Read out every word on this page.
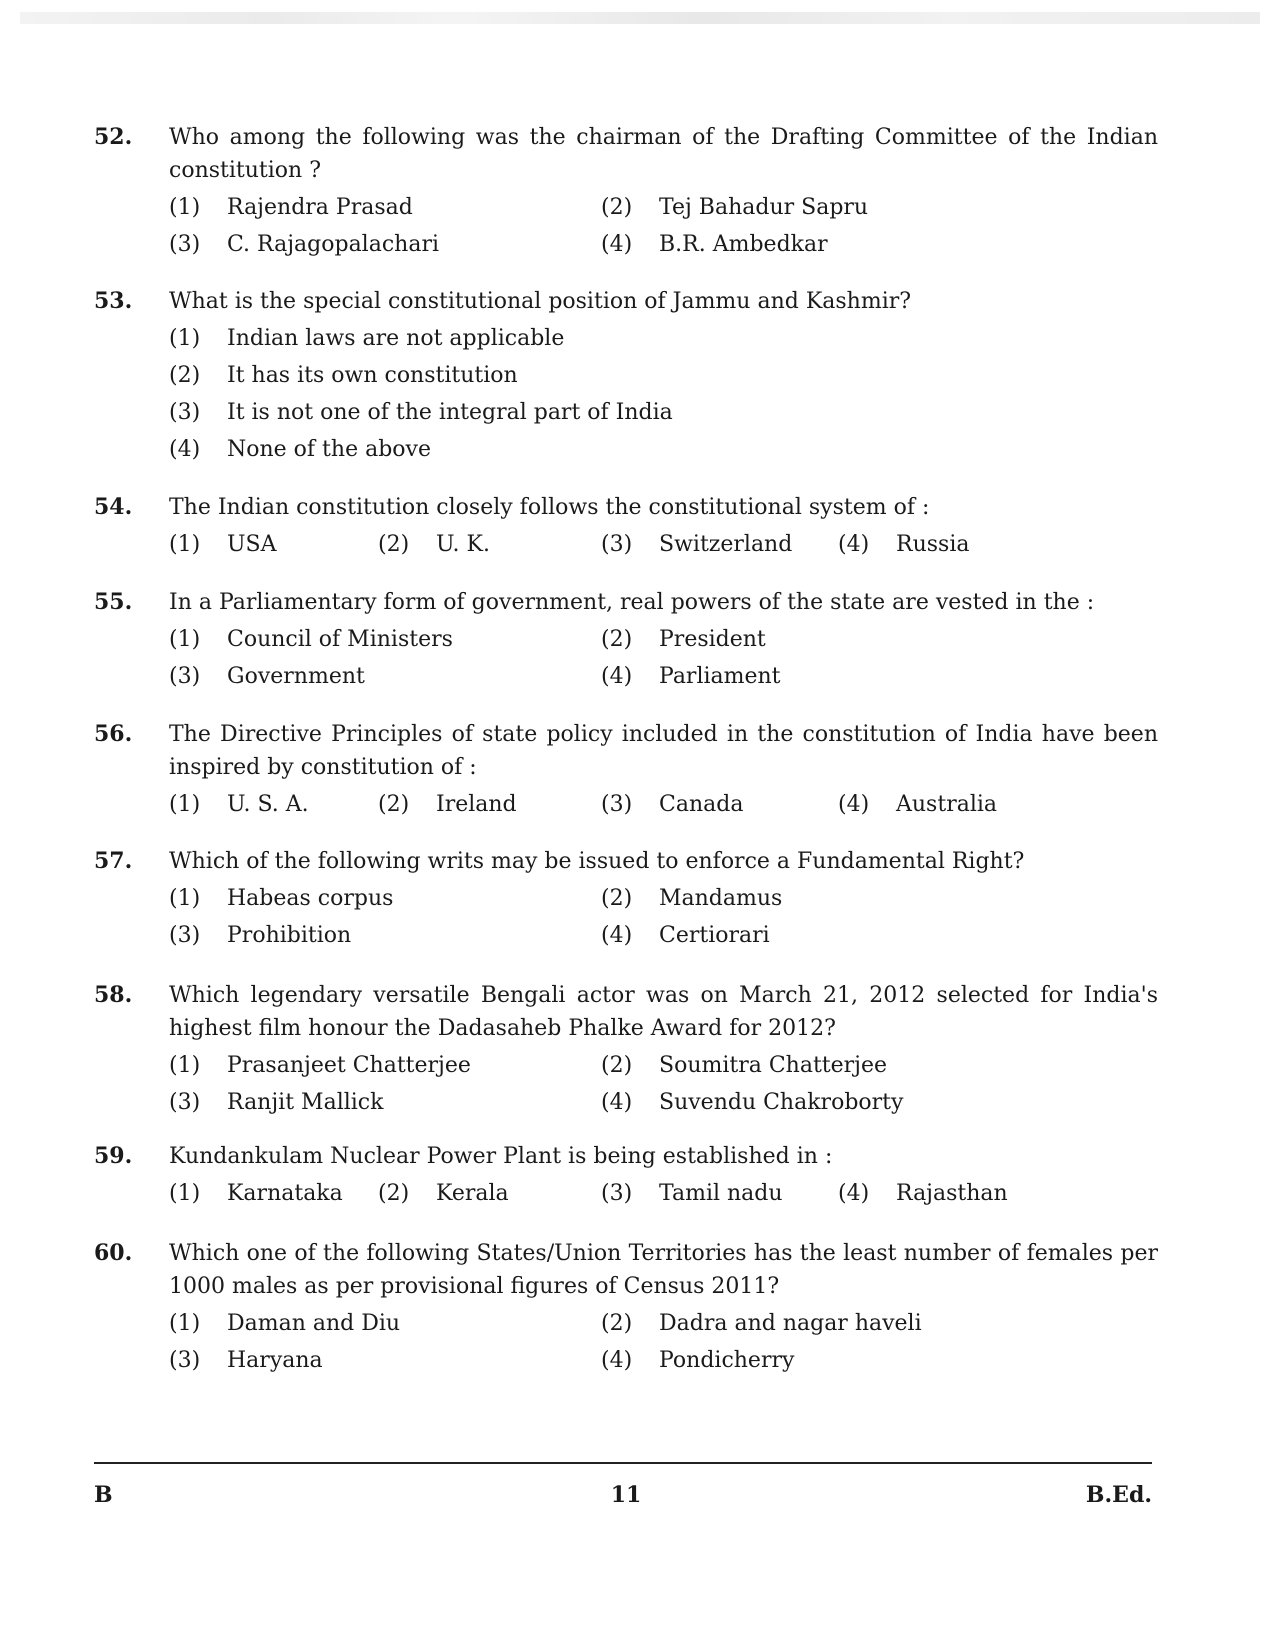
52.	Who among the following was the chairman of the Drafting Committee of the Indian constitution ?
(1) Rajendra Prasad	(2) Tej Bahadur Sapru
(3) C. Rajagopalachari	(4) B.R. Ambedkar
53.	What is the special constitutional position of Jammu and Kashmir?
(1) Indian laws are not applicable
(2) It has its own constitution
(3) It is not one of the integral part of India
(4) None of the above
54.	The Indian constitution closely follows the constitutional system of :
(1) USA	(2) U. K.	(3) Switzerland (4) Russia
55.	In a Parliamentary form of government, real powers of the state are vested in the :
(1) Council of Ministers	(2) President
(3) Government	(4) Parliament
56.	The Directive Principles of state policy included in the constitution of India have been inspired by constitution of :
(1) U. S. A.	(2) Ireland	(3) Canada	(4) Australia
57.	Which of the following writs may be issued to enforce a Fundamental Right?
(1) Habeas corpus	(2) Mandamus
(3) Prohibition	(4) Certiorari
58.	Which legendary versatile Bengali actor was on March 21, 2012 selected for India's highest film honour the Dadasaheb Phalke Award for 2012?
(1) Prasanjeet Chatterjee	(2) Soumitra Chatterjee
(3) Ranjit Mallick	(4) Suvendu Chakroborty
59.	Kundankulam Nuclear Power Plant is being established in :
(1) Karnataka (2) Kerala	(3) Tamil nadu	(4) Rajasthan
60.	Which one of the following States/Union Territories has the least number of females per 1000 males as per provisional figures of Census 2011?
(1) Daman and Diu	(2) Dadra and nagar haveli
(3) Haryana	(4) Pondicherry
B	11	B.Ed.
